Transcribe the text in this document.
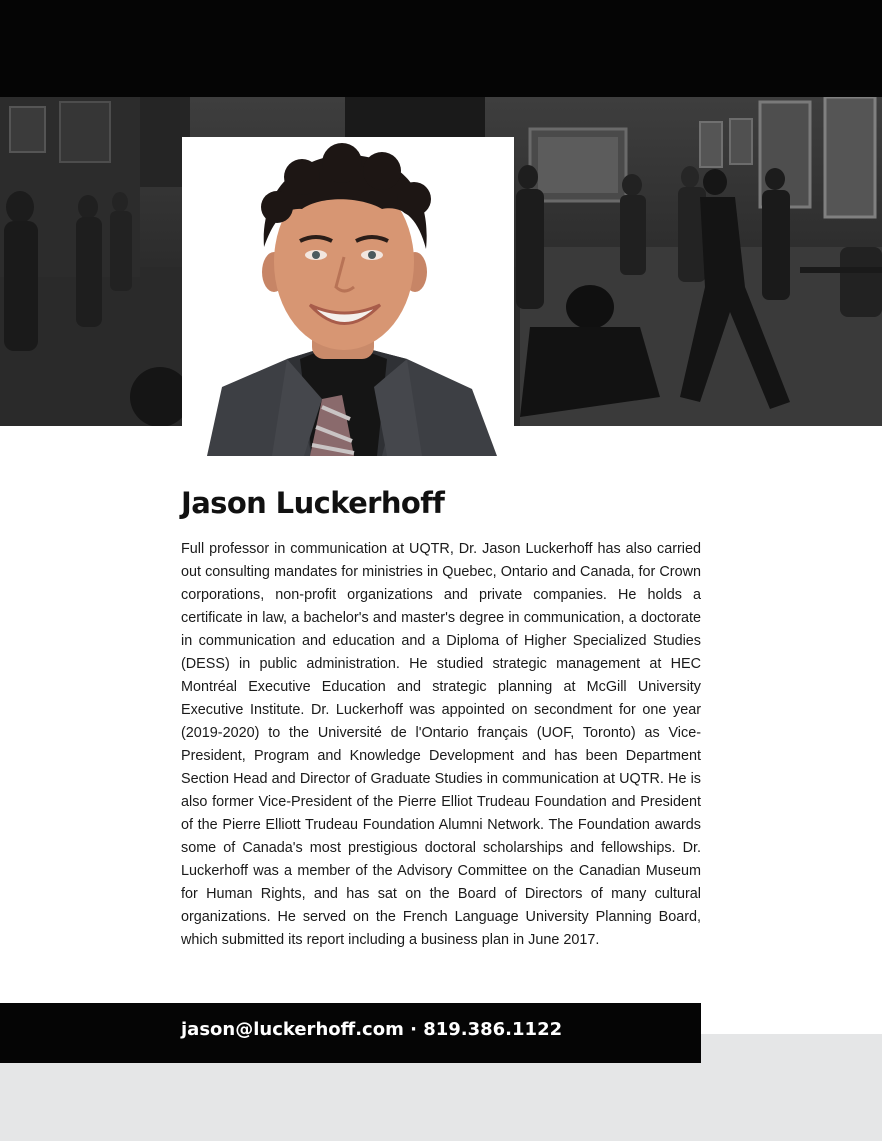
Jason Luckerhoff

Full professor in communication at UQTR, Dr. Jason Luckerhoff has also carried out consulting mandates for ministries in Quebec, Ontario and Canada, for Crown corporations, non-profit organizations and private companies. He holds a certificate in law, a bachelor's and master's degree in communication, a doctorate in communication and education and a Diploma of Higher Specialized Studies (DESS) in public administration. He studied strategic management at HEC Montréal Executive Education and strategic planning at McGill University Executive Institute. Dr. Luckerhoff was appointed on secondment for one year (2019-2020) to the Université de l'Ontario français (UOF, Toronto) as Vice-President, Program and Knowledge Development and has been Department Section Head and Director of Graduate Studies in communication at UQTR. He is also former Vice-President of the Pierre Elliot Trudeau Foundation and President of the Pierre Elliott Trudeau Foundation Alumni Network. The Foundation awards some of Canada's most prestigious doctoral scholarships and fellowships. Dr. Luckerhoff was a member of the Advisory Committee on the Canadian Museum for Human Rights, and has sat on the Board of Directors of many cultural organizations. He served on the French Language University Planning Board, which submitted its report including a business plan in June 2017.

jason@luckerhoff.com · 819.386.1122
